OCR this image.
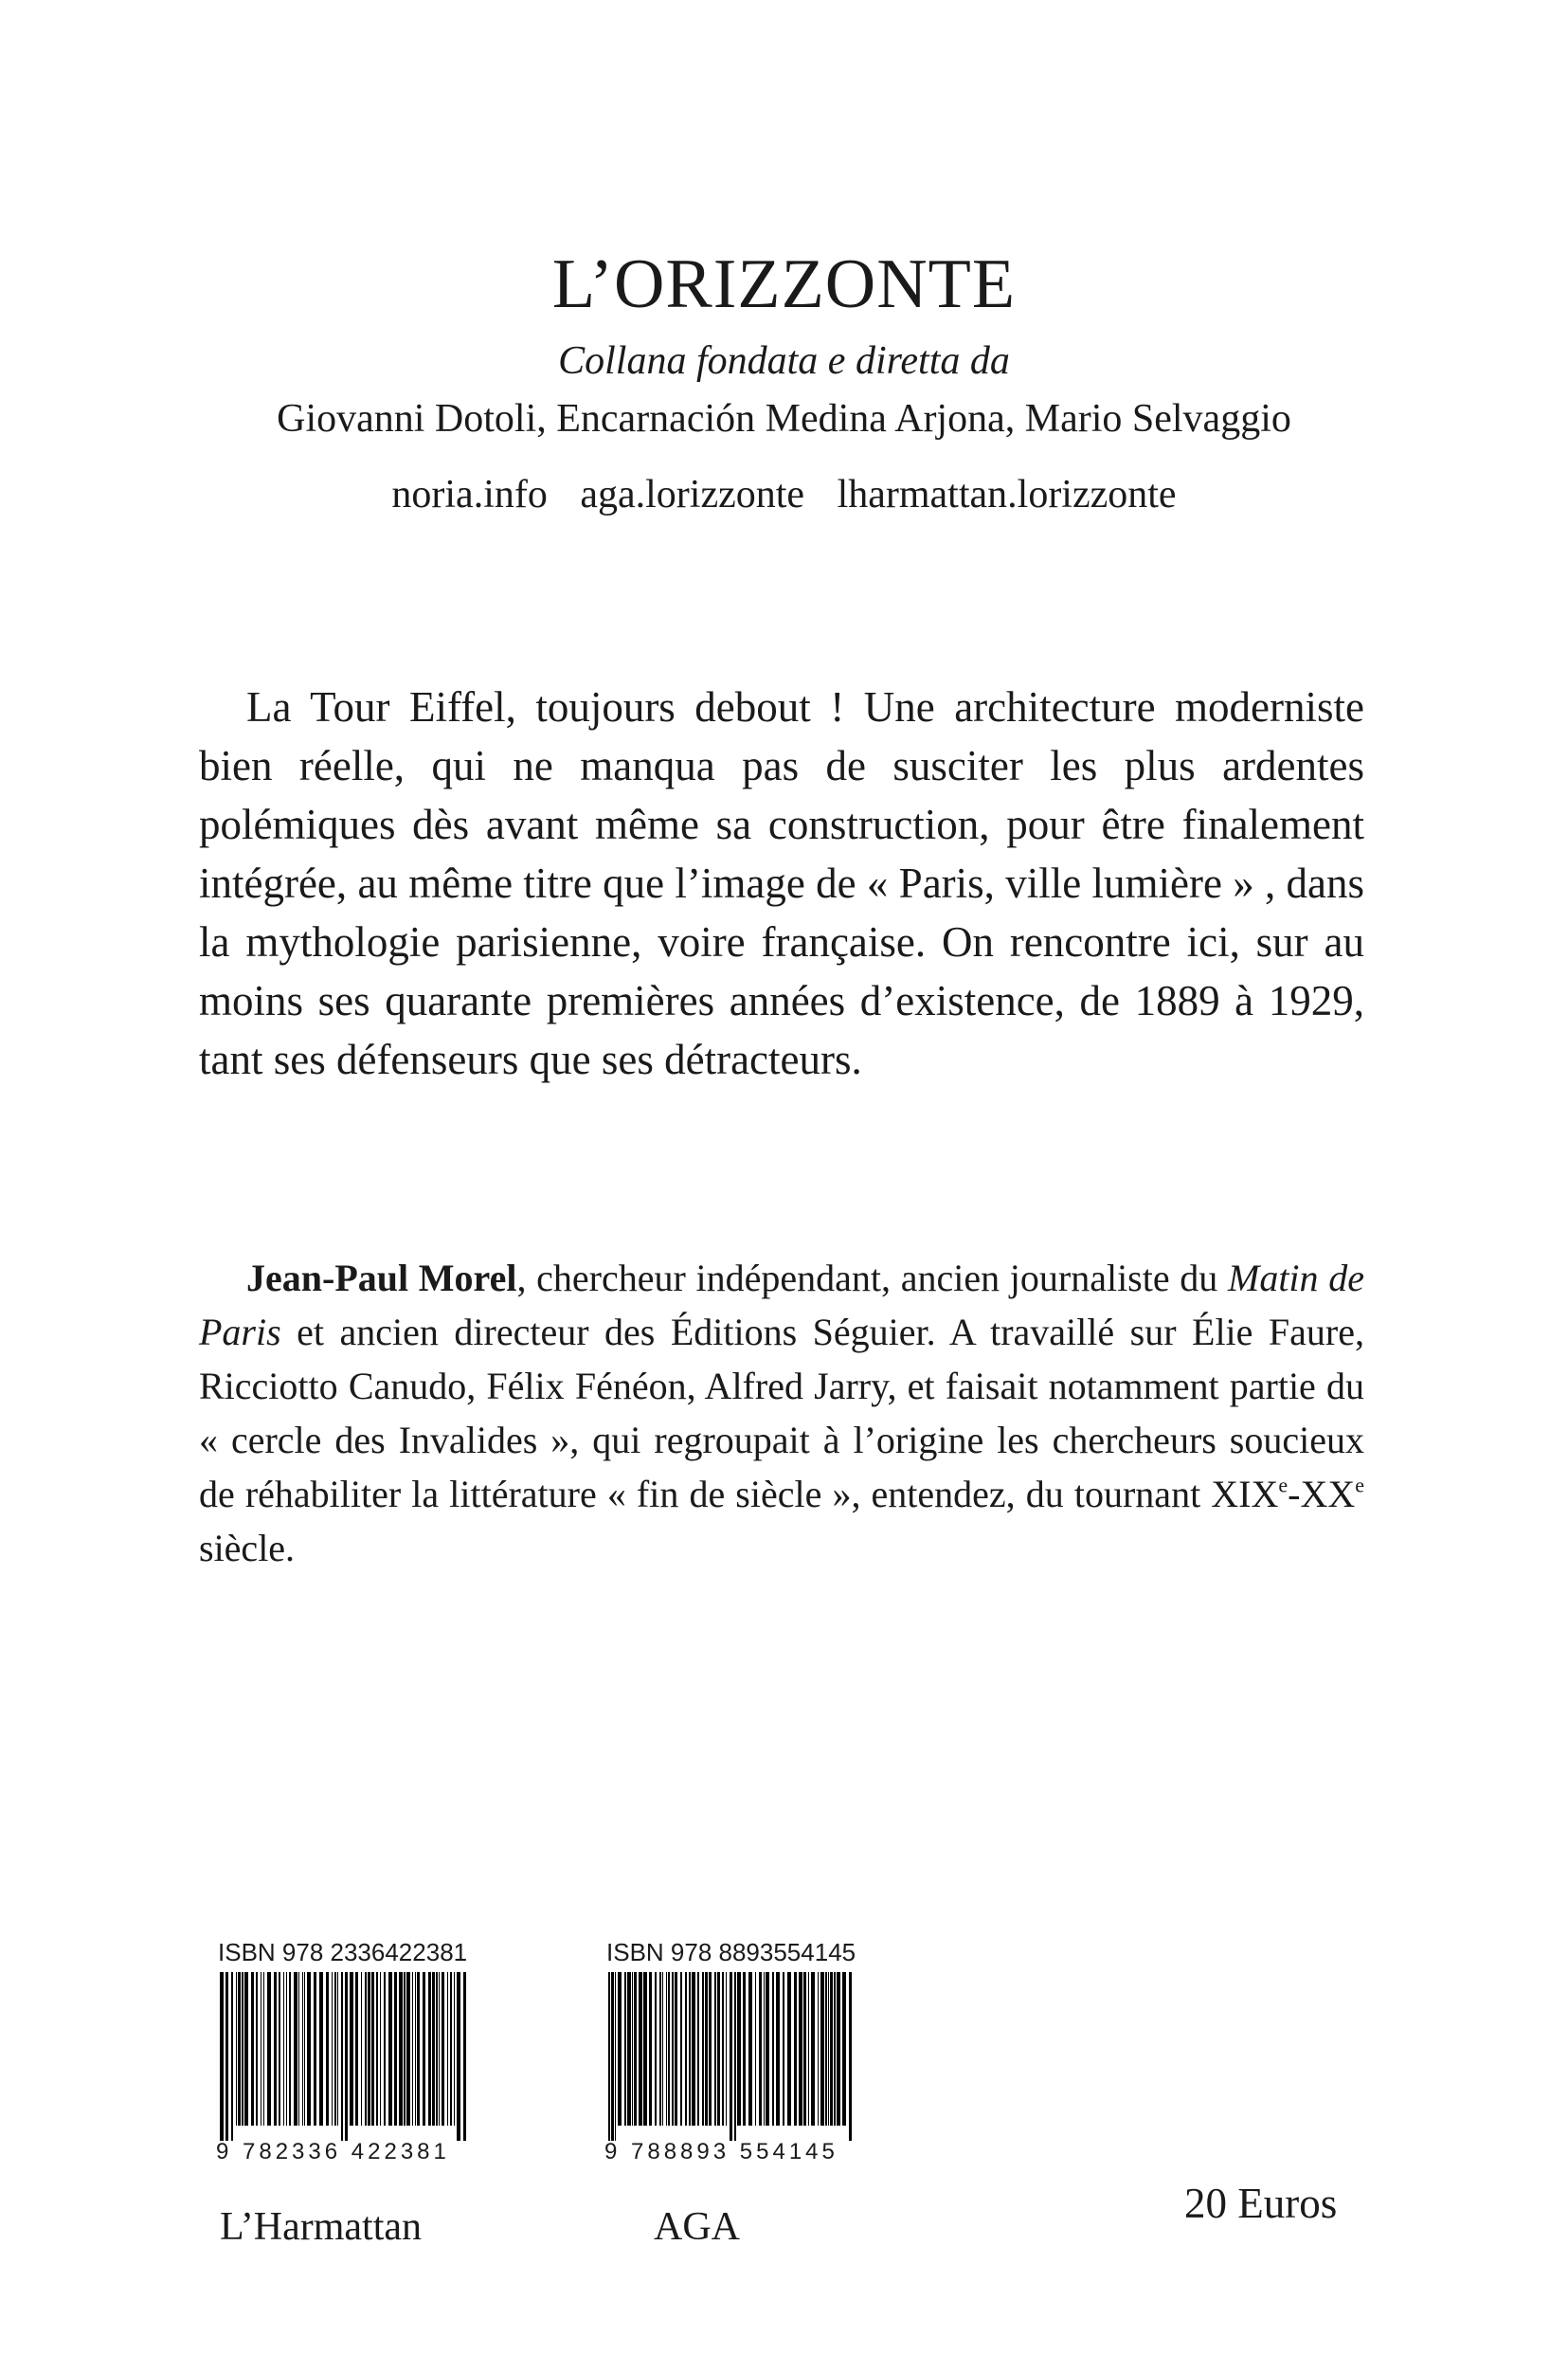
L’ORIZZONTE
Collana fondata e diretta da
Giovanni Dotoli, Encarnación Medina Arjona, Mario Selvaggio
noria.info aga.lorizzonte lharmattan.lorizzonte
La Tour Eiffel, toujours debout ! Une architecture moderniste bien réelle, qui ne manqua pas de susciter les plus ardentes polémiques dès avant même sa construction, pour être finalement intégrée, au même titre que l’image de « Paris, ville lumière » , dans la mythologie parisienne, voire française. On rencontre ici, sur au moins ses quarante premières années d’existence, de 1889 à 1929, tant ses défenseurs que ses détracteurs.
Jean-Paul Morel, chercheur indépendant, ancien journaliste du Matin de Paris et ancien directeur des Éditions Séguier. A travaillé sur Élie Faure, Ricciotto Canudo, Félix Fénéon, Alfred Jarry, et faisait notamment partie du « cercle des Invalides », qui regroupait à l’origine les chercheurs soucieux de réhabiliter la littérature « fin de siècle », entendez, du tournant XIXe-XXe siècle.
ISBN 978 2336422381
9 782336 422381
ISBN 978 8893554145
9 788893 554145
L’Harmattan	AGA	20 Euros
